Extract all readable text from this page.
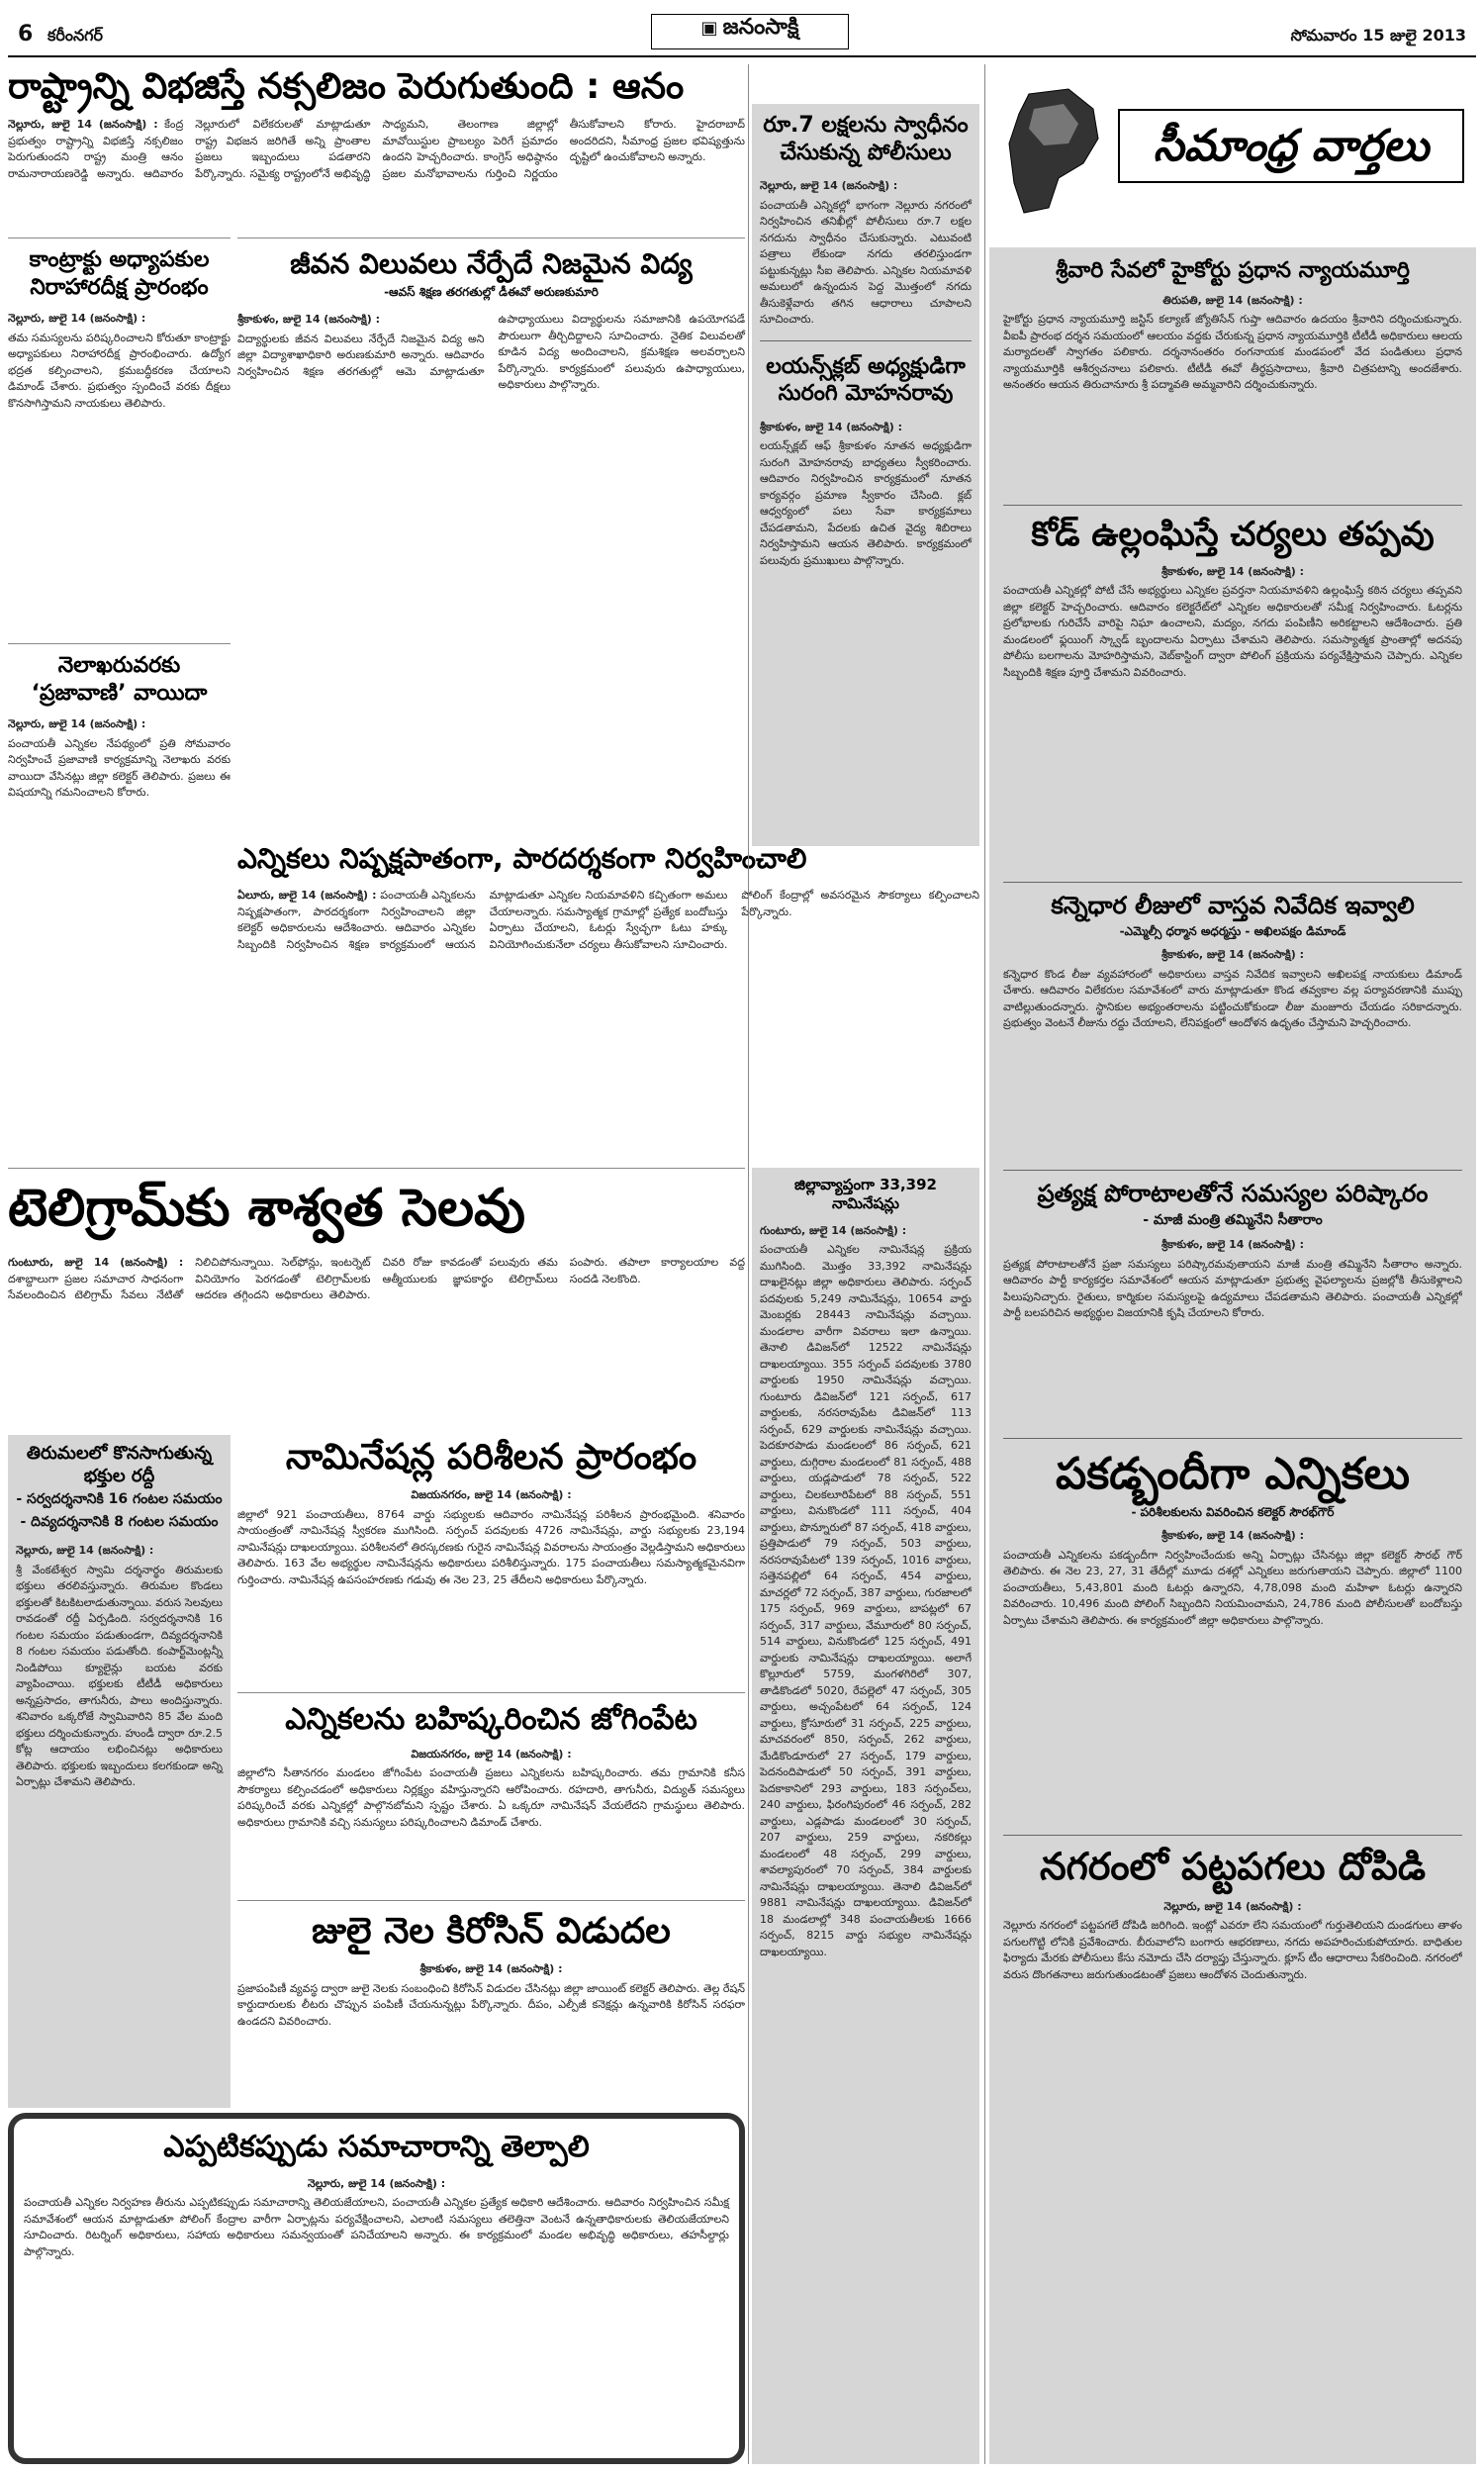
6 కరీంనగర్	▣ జనంసాక్షి	సోమవారం 15 జులై 2013
రాష్ట్రాన్ని విభజిస్తే నక్సలిజం పెరుగుతుంది : ఆనం
నెల్లూరు, జులై 14 (జనంసాక్షి) : కేంద్ర ప్రభుత్వం రాష్ట్రాన్ని విభజిస్తే నక్సలిజం పెరుగుతుందని రాష్ట్ర మంత్రి ఆనం రామనారాయణరెడ్డి అన్నారు. ఆదివారం నెల్లూరులో విలేకరులతో మాట్లాడుతూ రాష్ట్ర విభజన జరిగితే అన్ని ప్రాంతాల ప్రజలు ఇబ్బందులు పడతారని పేర్కొన్నారు. సమైక్య రాష్ట్రంలోనే అభివృద్ధి సాధ్యమని, తెలంగాణ జిల్లాల్లో మావోయిస్టుల ప్రాబల్యం పెరిగే ప్రమాదం ఉందని హెచ్చరించారు. కాంగ్రెస్ అధిష్ఠానం ప్రజల మనోభావాలను గుర్తించి నిర్ణయం తీసుకోవాలని కోరారు. హైదరాబాద్ అందరిదని, సీమాంధ్ర ప్రజల భవిష్యత్తును దృష్టిలో ఉంచుకోవాలని అన్నారు.
రూ.7 లక్షలను స్వాధీనం చేసుకున్న పోలీసులు
నెల్లూరు, జులై 14 (జనంసాక్షి) :
పంచాయతీ ఎన్నికల్లో భాగంగా నెల్లూరు నగరంలో నిర్వహించిన తనిఖీల్లో పోలీసులు రూ.7 లక్షల నగదును స్వాధీనం చేసుకున్నారు. ఎటువంటి పత్రాలు లేకుండా నగదు తరలిస్తుండగా పట్టుకున్నట్లు సీఐ తెలిపారు. ఎన్నికల నియమావళి అమలులో ఉన్నందున పెద్ద మొత్తంలో నగదు తీసుకెళ్లేవారు తగిన ఆధారాలు చూపాలని సూచించారు.
లయన్స్‌క్లబ్ అధ్యక్షుడిగా సురంగి మోహనరావు
శ్రీకాకుళం, జులై 14 (జనంసాక్షి) :
లయన్స్‌క్లబ్ ఆఫ్ శ్రీకాకుళం నూతన అధ్యక్షుడిగా సురంగి మోహనరావు బాధ్యతలు స్వీకరించారు. ఆదివారం నిర్వహించిన కార్యక్రమంలో నూతన కార్యవర్గం ప్రమాణ స్వీకారం చేసింది. క్లబ్ ఆధ్వర్యంలో పలు సేవా కార్యక్రమాలు చేపడతామని, పేదలకు ఉచిత వైద్య శిబిరాలు నిర్వహిస్తామని ఆయన తెలిపారు. కార్యక్రమంలో పలువురు ప్రముఖులు పాల్గొన్నారు.
కాంట్రాక్టు అధ్యాపకుల నిరాహారదీక్ష ప్రారంభం
నెల్లూరు, జులై 14 (జనంసాక్షి) :
తమ సమస్యలను పరిష్కరించాలని కోరుతూ కాంట్రాక్టు అధ్యాపకులు నిరాహారదీక్ష ప్రారంభించారు. ఉద్యోగ భద్రత కల్పించాలని, క్రమబద్ధీకరణ చేయాలని డిమాండ్ చేశారు. ప్రభుత్వం స్పందించే వరకు దీక్షలు కొనసాగిస్తామని నాయకులు తెలిపారు.
జీవన విలువలు నేర్పేదే నిజమైన విద్య
-ఆవస్ శిక్షణ తరగతుల్లో డీఈవో అరుణకుమారి
శ్రీకాకుళం, జులై 14 (జనంసాక్షి) :
విద్యార్థులకు జీవన విలువలు నేర్పేదే నిజమైన విద్య అని జిల్లా విద్యాశాఖాధికారి అరుణకుమారి అన్నారు. ఆదివారం నిర్వహించిన శిక్షణ తరగతుల్లో ఆమె మాట్లాడుతూ ఉపాధ్యాయులు విద్యార్థులను సమాజానికి ఉపయోగపడే పౌరులుగా తీర్చిదిద్దాలని సూచించారు. నైతిక విలువలతో కూడిన విద్య అందించాలని, క్రమశిక్షణ అలవర్చాలని పేర్కొన్నారు. కార్యక్రమంలో పలువురు ఉపాధ్యాయులు, అధికారులు పాల్గొన్నారు.
నెలాఖరువరకు ‘ప్రజావాణి’ వాయిదా
నెల్లూరు, జులై 14 (జనంసాక్షి) :
పంచాయతీ ఎన్నికల నేపథ్యంలో ప్రతి సోమవారం నిర్వహించే ప్రజావాణి కార్యక్రమాన్ని నెలాఖరు వరకు వాయిదా వేసినట్లు జిల్లా కలెక్టర్ తెలిపారు. ప్రజలు ఈ విషయాన్ని గమనించాలని కోరారు.
ఎన్నికలు నిష్పక్షపాతంగా, పారదర్శకంగా నిర్వహించాలి
ఏలూరు, జులై 14 (జనంసాక్షి) : పంచాయతీ ఎన్నికలను నిష్పక్షపాతంగా, పారదర్శకంగా నిర్వహించాలని జిల్లా కలెక్టర్ అధికారులను ఆదేశించారు. ఆదివారం ఎన్నికల సిబ్బందికి నిర్వహించిన శిక్షణ కార్యక్రమంలో ఆయన మాట్లాడుతూ ఎన్నికల నియమావళిని కచ్చితంగా అమలు చేయాలన్నారు. సమస్యాత్మక గ్రామాల్లో ప్రత్యేక బందోబస్తు ఏర్పాటు చేయాలని, ఓటర్లు స్వేచ్ఛగా ఓటు హక్కు వినియోగించుకునేలా చర్యలు తీసుకోవాలని సూచించారు. పోలింగ్ కేంద్రాల్లో అవసరమైన సౌకర్యాలు కల్పించాలని పేర్కొన్నారు.
టెలిగ్రామ్‌కు శాశ్వత సెలవు
గుంటూరు, జులై 14 (జనంసాక్షి) : దశాబ్దాలుగా ప్రజల సమాచార సాధనంగా సేవలందించిన టెలిగ్రామ్ సేవలు నేటితో నిలిచిపోనున్నాయి. సెల్‌ఫోన్లు, ఇంటర్నెట్ వినియోగం పెరగడంతో టెలిగ్రామ్‌లకు ఆదరణ తగ్గిందని అధికారులు తెలిపారు. చివరి రోజు కావడంతో పలువురు తమ ఆత్మీయులకు జ్ఞాపకార్థం టెలిగ్రామ్‌లు పంపారు. తపాలా కార్యాలయాల వద్ద సందడి నెలకొంది.
జిల్లావ్యాప్తంగా 33,392 నామినేషన్లు
గుంటూరు, జులై 14 (జనంసాక్షి) :
పంచాయతీ ఎన్నికల నామినేషన్ల ప్రక్రియ ముగిసింది. మొత్తం 33,392 నామినేషన్లు దాఖలైనట్లు జిల్లా అధికారులు తెలిపారు. సర్పంచ్ పదవులకు 5,249 నామినేషన్లు, 10654 వార్డు మెంబర్లకు 28443 నామినేషన్లు వచ్చాయి. మండలాల వారీగా వివరాలు ఇలా ఉన్నాయి. తెనాలి డివిజన్‌లో 12522 నామినేషన్లు దాఖలయ్యాయి. 355 సర్పంచ్ పదవులకు 3780 వార్డులకు 1950 నామినేషన్లు వచ్చాయి. గుంటూరు డివిజన్‌లో 121 సర్పంచ్, 617 వార్డులకు, నరసరావుపేట డివిజన్‌లో 113 సర్పంచ్, 629 వార్డులకు నామినేషన్లు వచ్చాయి. పెదకూరపాడు మండలంలో 86 సర్పంచ్, 621 వార్డులు, దుగ్గిరాల మండలంలో 81 సర్పంచ్, 488 వార్డులు, యడ్లపాడులో 78 సర్పంచ్, 522 వార్డులు, చిలకలూరిపేటలో 88 సర్పంచ్, 551 వార్డులు, వినుకొండలో 111 సర్పంచ్, 404 వార్డులు, పొన్నూరులో 87 సర్పంచ్, 418 వార్డులు, ప్రత్తిపాడులో 79 సర్పంచ్, 503 వార్డులు, నరసరావుపేటలో 139 సర్పంచ్, 1016 వార్డులు, సత్తెనపల్లిలో 64 సర్పంచ్, 454 వార్డులు, మాచర్లలో 72 సర్పంచ్, 387 వార్డులు, గురజాలలో 175 సర్పంచ్, 969 వార్డులు, బాపట్లలో 67 సర్పంచ్, 317 వార్డులు, వేమూరులో 80 సర్పంచ్, 514 వార్డులు, వినుకొండలో 125 సర్పంచ్, 491 వార్డులకు నామినేషన్లు దాఖలయ్యాయి. అలాగే కొల్లూరులో 5759, మంగళగిరిలో 307, తాడికొండలో 5020, రేపల్లెలో 47 సర్పంచ్, 305 వార్డులు, అచ్చంపేటలో 64 సర్పంచ్, 124 వార్డులు, క్రోసూరులో 31 సర్పంచ్, 225 వార్డులు, మాచవరంలో 850, సర్పంచ్, 262 వార్డులు, మేడికొండూరులో 27 సర్పంచ్, 179 వార్డులు, పెదనందిపాడులో 50 సర్పంచ్, 391 వార్డులు, పెదకాకానిలో 293 వార్డులు, 183 సర్పంచ్‌లు, 240 వార్డులు, ఫిరంగిపురంలో 46 సర్పంచ్, 282 వార్డులు, ఎడ్లపాడు మండలంలో 30 సర్పంచ్, 207 వార్డులు, 259 వార్డులు, నకరికల్లు మండలంలో 48 సర్పంచ్, 299 వార్డులు, శావల్యాపురంలో 70 సర్పంచ్, 384 వార్డులకు నామినేషన్లు దాఖలయ్యాయి. తెనాలి డివిజన్‌లో 9881 నామినేషన్లు దాఖలయ్యాయి. డివిజన్‌లో 18 మండలాల్లో 348 పంచాయతీలకు 1666 సర్పంచ్, 8215 వార్డు సభ్యుల నామినేషన్లు దాఖలయ్యాయి.
తిరుమలలో కొనసాగుతున్న భక్తుల రద్దీ
- సర్వదర్శనానికి 16 గంటల సమయం
- దివ్యదర్శనానికి 8 గంటల సమయం
నెల్లూరు, జులై 14 (జనంసాక్షి) :
శ్రీ వేంకటేశ్వర స్వామి దర్శనార్థం తిరుమలకు భక్తులు తరలివస్తున్నారు. తిరుమల కొండలు భక్తులతో కిటకిటలాడుతున్నాయి. వరుస సెలవులు రావడంతో రద్దీ ఏర్పడింది. సర్వదర్శనానికి 16 గంటల సమయం పడుతుండగా, దివ్యదర్శనానికి 8 గంటల సమయం పడుతోంది. కంపార్ట్‌మెంట్లన్నీ నిండిపోయి క్యూలైన్లు బయట వరకు వ్యాపించాయి. భక్తులకు టీటీడీ అధికారులు అన్నప్రసాదం, తాగునీరు, పాలు అందిస్తున్నారు. శనివారం ఒక్కరోజే స్వామివారిని 85 వేల మంది భక్తులు దర్శించుకున్నారు. హుండీ ద్వారా రూ.2.5 కోట్ల ఆదాయం లభించినట్లు అధికారులు తెలిపారు. భక్తులకు ఇబ్బందులు కలగకుండా అన్ని ఏర్పాట్లు చేశామని తెలిపారు.
నామినేషన్ల పరిశీలన ప్రారంభం
విజయనగరం, జులై 14 (జనంసాక్షి) :
జిల్లాలో 921 పంచాయతీలు, 8764 వార్డు సభ్యులకు ఆదివారం నామినేషన్ల పరిశీలన ప్రారంభమైంది. శనివారం సాయంత్రంతో నామినేషన్ల స్వీకరణ ముగిసింది. సర్పంచ్ పదవులకు 4726 నామినేషన్లు, వార్డు సభ్యులకు 23,194 నామినేషన్లు దాఖలయ్యాయి. పరిశీలనలో తిరస్కరణకు గురైన నామినేషన్ల వివరాలను సాయంత్రం వెల్లడిస్తామని అధికారులు తెలిపారు. 163 వేల అభ్యర్థుల నామినేషన్లను అధికారులు పరిశీలిస్తున్నారు. 175 పంచాయతీలు సమస్యాత్మకమైనవిగా గుర్తించారు. నామినేషన్ల ఉపసంహరణకు గడువు ఈ నెల 23, 25 తేదీలని అధికారులు పేర్కొన్నారు.
ఎన్నికలను బహిష్కరించిన జోగింపేట
విజయనగరం, జులై 14 (జనంసాక్షి) :
జిల్లాలోని సీతానగరం మండలం జోగింపేట పంచాయతీ ప్రజలు ఎన్నికలను బహిష్కరించారు. తమ గ్రామానికి కనీస సౌకర్యాలు కల్పించడంలో అధికారులు నిర్లక్ష్యం వహిస్తున్నారని ఆరోపించారు. రహదారి, తాగునీరు, విద్యుత్ సమస్యలు పరిష్కరించే వరకు ఎన్నికల్లో పాల్గొనబోమని స్పష్టం చేశారు. ఏ ఒక్కరూ నామినేషన్ వేయలేదని గ్రామస్థులు తెలిపారు. అధికారులు గ్రామానికి వచ్చి సమస్యలు పరిష్కరించాలని డిమాండ్ చేశారు.
జులై నెల కిరోసిన్ విడుదల
శ్రీకాకుళం, జులై 14 (జనంసాక్షి) :
ప్రజాపంపిణీ వ్యవస్థ ద్వారా జులై నెలకు సంబంధించి కిరోసిన్ విడుదల చేసినట్లు జిల్లా జాయింట్ కలెక్టర్ తెలిపారు. తెల్ల రేషన్ కార్డుదారులకు లీటరు చొప్పున పంపిణీ చేయనున్నట్లు పేర్కొన్నారు. దీపం, ఎల్పీజీ కనెక్షన్లు ఉన్నవారికి కిరోసిన్ సరఫరా ఉండదని వివరించారు.
ఎప్పటికప్పుడు సమాచారాన్ని తెల్పాలి
నెల్లూరు, జులై 14 (జనంసాక్షి) :
పంచాయతీ ఎన్నికల నిర్వహణ తీరును ఎప్పటికప్పుడు సమాచారాన్ని తెలియజేయాలని, పంచాయతీ ఎన్నికల ప్రత్యేక అధికారి ఆదేశించారు. ఆదివారం నిర్వహించిన సమీక్ష సమావేశంలో ఆయన మాట్లాడుతూ పోలింగ్ కేంద్రాల వారీగా ఏర్పాట్లను పర్యవేక్షించాలని, ఎలాంటి సమస్యలు తలెత్తినా వెంటనే ఉన్నతాధికారులకు తెలియజేయాలని సూచించారు. రిటర్నింగ్ అధికారులు, సహాయ అధికారులు సమన్వయంతో పనిచేయాలని అన్నారు. ఈ కార్యక్రమంలో మండల అభివృద్ధి అధికారులు, తహసీల్దార్లు పాల్గొన్నారు.
సీమాంధ్ర వార్తలు
శ్రీవారి సేవలో హైకోర్టు ప్రధాన న్యాయమూర్తి
తిరుపతి, జులై 14 (జనంసాక్షి) :
హైకోర్టు ప్రధాన న్యాయమూర్తి జస్టిస్ కల్యాణ్ జ్యోతిసేన్ గుప్తా ఆదివారం ఉదయం శ్రీవారిని దర్శించుకున్నారు. వీఐపీ ప్రారంభ దర్శన సమయంలో ఆలయం వద్దకు చేరుకున్న ప్రధాన న్యాయమూర్తికి టీటీడీ అధికారులు ఆలయ మర్యాదలతో స్వాగతం పలికారు. దర్శనానంతరం రంగనాయక మండపంలో వేద పండితులు ప్రధాన న్యాయమూర్తికి ఆశీర్వచనాలు పలికారు. టీటీడీ ఈవో తీర్థప్రసాదాలు, శ్రీవారి చిత్రపటాన్ని అందజేశారు. అనంతరం ఆయన తిరుచానూరు శ్రీ పద్మావతి అమ్మవారిని దర్శించుకున్నారు.
కోడ్ ఉల్లంఘిస్తే చర్యలు తప్పవు
శ్రీకాకుళం, జులై 14 (జనంసాక్షి) :
పంచాయతీ ఎన్నికల్లో పోటీ చేసే అభ్యర్థులు ఎన్నికల ప్రవర్తనా నియమావళిని ఉల్లంఘిస్తే కఠిన చర్యలు తప్పవని జిల్లా కలెక్టర్ హెచ్చరించారు. ఆదివారం కలెక్టరేట్‌లో ఎన్నికల అధికారులతో సమీక్ష నిర్వహించారు. ఓటర్లను ప్రలోభాలకు గురిచేసే వారిపై నిఘా ఉంచాలని, మద్యం, నగదు పంపిణీని అరికట్టాలని ఆదేశించారు. ప్రతి మండలంలో ఫ్లయింగ్ స్క్వాడ్ బృందాలను ఏర్పాటు చేశామని తెలిపారు. సమస్యాత్మక ప్రాంతాల్లో అదనపు పోలీసు బలగాలను మోహరిస్తామని, వెబ్‌కాస్టింగ్ ద్వారా పోలింగ్ ప్రక్రియను పర్యవేక్షిస్తామని చెప్పారు. ఎన్నికల సిబ్బందికి శిక్షణ పూర్తి చేశామని వివరించారు.
కన్నెధార లీజులో వాస్తవ నివేదిక ఇవ్వాలి
-ఎమ్మెల్సీ ధర్మాన అధర్మస్తు - అఖిలపక్షం డిమాండ్
శ్రీకాకుళం, జులై 14 (జనంసాక్షి) :
కన్నెధార కొండ లీజు వ్యవహారంలో అధికారులు వాస్తవ నివేదిక ఇవ్వాలని అఖిలపక్ష నాయకులు డిమాండ్ చేశారు. ఆదివారం విలేకరుల సమావేశంలో వారు మాట్లాడుతూ కొండ తవ్వకాల వల్ల పర్యావరణానికి ముప్పు వాటిల్లుతుందన్నారు. స్థానికుల అభ్యంతరాలను పట్టించుకోకుండా లీజు మంజూరు చేయడం సరికాదన్నారు. ప్రభుత్వం వెంటనే లీజును రద్దు చేయాలని, లేనిపక్షంలో ఆందోళన ఉధృతం చేస్తామని హెచ్చరించారు.
ప్రత్యక్ష పోరాటాలతోనే సమస్యల పరిష్కారం
- మాజీ మంత్రి తమ్మినేని సీతారాం
శ్రీకాకుళం, జులై 14 (జనంసాక్షి) :
ప్రత్యక్ష పోరాటాలతోనే ప్రజా సమస్యలు పరిష్కారమవుతాయని మాజీ మంత్రి తమ్మినేని సీతారాం అన్నారు. ఆదివారం పార్టీ కార్యకర్తల సమావేశంలో ఆయన మాట్లాడుతూ ప్రభుత్వ వైఫల్యాలను ప్రజల్లోకి తీసుకెళ్లాలని పిలుపునిచ్చారు. రైతులు, కార్మికుల సమస్యలపై ఉద్యమాలు చేపడతామని తెలిపారు. పంచాయతీ ఎన్నికల్లో పార్టీ బలపరిచిన అభ్యర్థుల విజయానికి కృషి చేయాలని కోరారు.
పకడ్బందీగా ఎన్నికలు
- పరిశీలకులను వివరించిన కలెక్టర్ సౌరభ్‌గౌర్
శ్రీకాకుళం, జులై 14 (జనంసాక్షి) :
పంచాయతీ ఎన్నికలను పకడ్బందీగా నిర్వహించేందుకు అన్ని ఏర్పాట్లు చేసినట్లు జిల్లా కలెక్టర్ సౌరభ్ గౌర్ తెలిపారు. ఈ నెల 23, 27, 31 తేదీల్లో మూడు దశల్లో ఎన్నికలు జరుగుతాయని చెప్పారు. జిల్లాలో 1100 పంచాయతీలు, 5,43,801 మంది ఓటర్లు ఉన్నారని, 4,78,098 మంది మహిళా ఓటర్లు ఉన్నారని వివరించారు. 10,496 మంది పోలింగ్ సిబ్బందిని నియమించామని, 24,786 మంది పోలీసులతో బందోబస్తు ఏర్పాటు చేశామని తెలిపారు. ఈ కార్యక్రమంలో జిల్లా అధికారులు పాల్గొన్నారు.
నగరంలో పట్టపగలు దోపిడి
నెల్లూరు, జులై 14 (జనంసాక్షి) :
నెల్లూరు నగరంలో పట్టపగలే దోపిడి జరిగింది. ఇంట్లో ఎవరూ లేని సమయంలో గుర్తుతెలియని దుండగులు తాళం పగులగొట్టి లోనికి ప్రవేశించారు. బీరువాలోని బంగారు ఆభరణాలు, నగదు అపహరించుకుపోయారు. బాధితుల ఫిర్యాదు మేరకు పోలీసులు కేసు నమోదు చేసి దర్యాప్తు చేస్తున్నారు. క్లూస్ టీం ఆధారాలు సేకరించింది. నగరంలో వరుస దొంగతనాలు జరుగుతుండటంతో ప్రజలు ఆందోళన చెందుతున్నారు.
